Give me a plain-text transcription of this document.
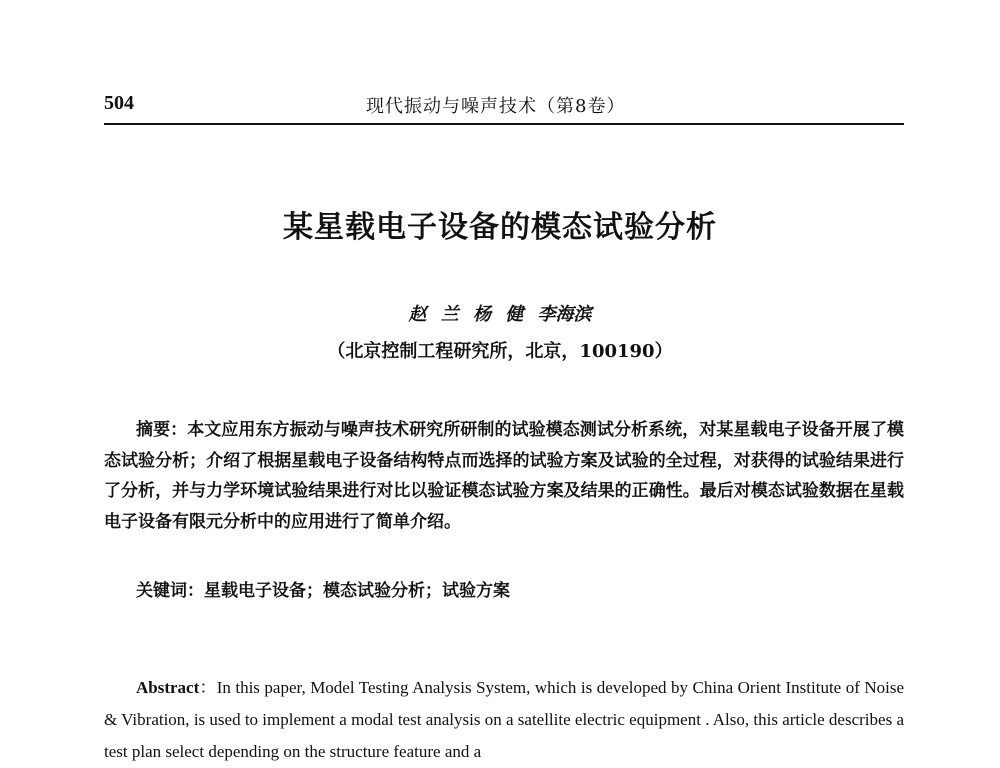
504	现代振动与噪声技术（第8卷）
某星载电子设备的模态试验分析
赵 兰 杨 健 李海滨
（北京控制工程研究所，北京，100190）
摘要：本文应用东方振动与噪声技术研究所研制的试验模态测试分析系统，对某星载电子设备开展了模态试验分析；介绍了根据星载电子设备结构特点而选择的试验方案及试验的全过程，对获得的试验结果进行了分析，并与力学环境试验结果进行对比以验证模态试验方案及结果的正确性。最后对模态试验数据在星载电子设备有限元分析中的应用进行了简单介绍。
关键词：星载电子设备；模态试验分析；试验方案
Abstract：In this paper, Model Testing Analysis System, which is developed by China Orient Institute of Noise & Vibration, is used to implement a modal test analysis on a satellite electric equipment . Also, this article describes a test plan select depending on the structure feature and a
